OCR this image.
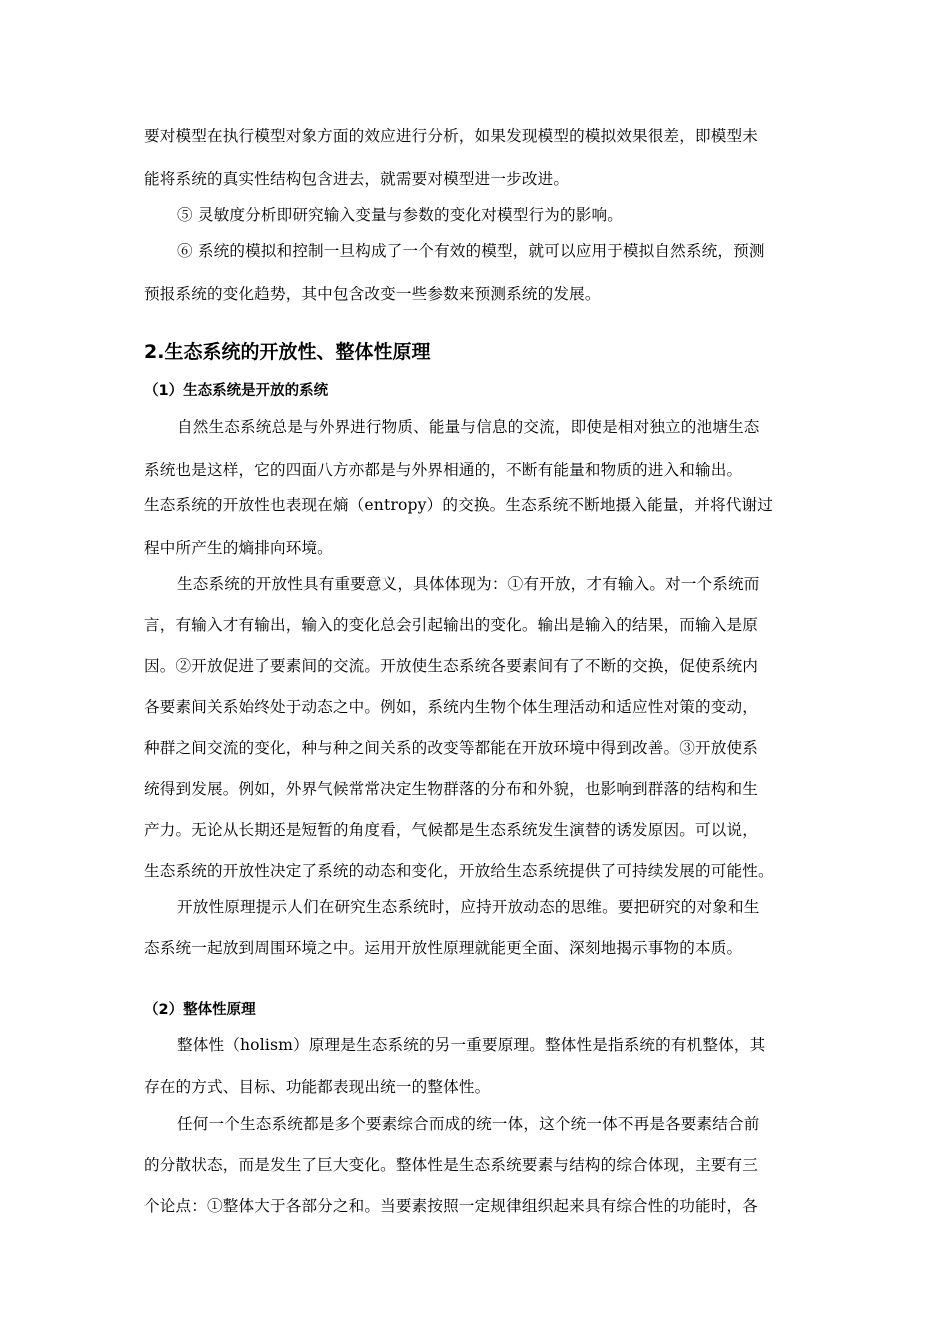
要对模型在执行模型对象方面的效应进行分析，如果发现模型的模拟效果很差，即模型未
能将系统的真实性结构包含进去，就需要对模型进一步改进。
⑤ 灵敏度分析即研究输入变量与参数的变化对模型行为的影响。
⑥ 系统的模拟和控制一旦构成了一个有效的模型，就可以应用于模拟自然系统，预测
预报系统的变化趋势，其中包含改变一些参数来预测系统的发展。
2.生态系统的开放性、整体性原理
（1）生态系统是开放的系统
自然生态系统总是与外界进行物质、能量与信息的交流，即使是相对独立的池塘生态
系统也是这样，它的四面八方亦都是与外界相通的，不断有能量和物质的进入和输出。
生态系统的开放性也表现在熵（entropy）的交换。生态系统不断地摄入能量，并将代谢过
程中所产生的熵排向环境。
生态系统的开放性具有重要意义，具体体现为：①有开放，才有输入。对一个系统而
言，有输入才有输出，输入的变化总会引起输出的变化。输出是输入的结果，而输入是原
因。②开放促进了要素间的交流。开放使生态系统各要素间有了不断的交换，促使系统内
各要素间关系始终处于动态之中。例如，系统内生物个体生理活动和适应性对策的变动，
种群之间交流的变化，种与种之间关系的改变等都能在开放环境中得到改善。③开放使系
统得到发展。例如，外界气候常常决定生物群落的分布和外貌，也影响到群落的结构和生
产力。无论从长期还是短暂的角度看，气候都是生态系统发生演替的诱发原因。可以说，
生态系统的开放性决定了系统的动态和变化，开放给生态系统提供了可持续发展的可能性。
开放性原理提示人们在研究生态系统时，应持开放动态的思维。要把研究的对象和生
态系统一起放到周围环境之中。运用开放性原理就能更全面、深刻地揭示事物的本质。
（2）整体性原理
整体性（holism）原理是生态系统的另一重要原理。整体性是指系统的有机整体，其
存在的方式、目标、功能都表现出统一的整体性。
任何一个生态系统都是多个要素综合而成的统一体，这个统一体不再是各要素结合前
的分散状态，而是发生了巨大变化。整体性是生态系统要素与结构的综合体现，主要有三
个论点：①整体大于各部分之和。当要素按照一定规律组织起来具有综合性的功能时，各
